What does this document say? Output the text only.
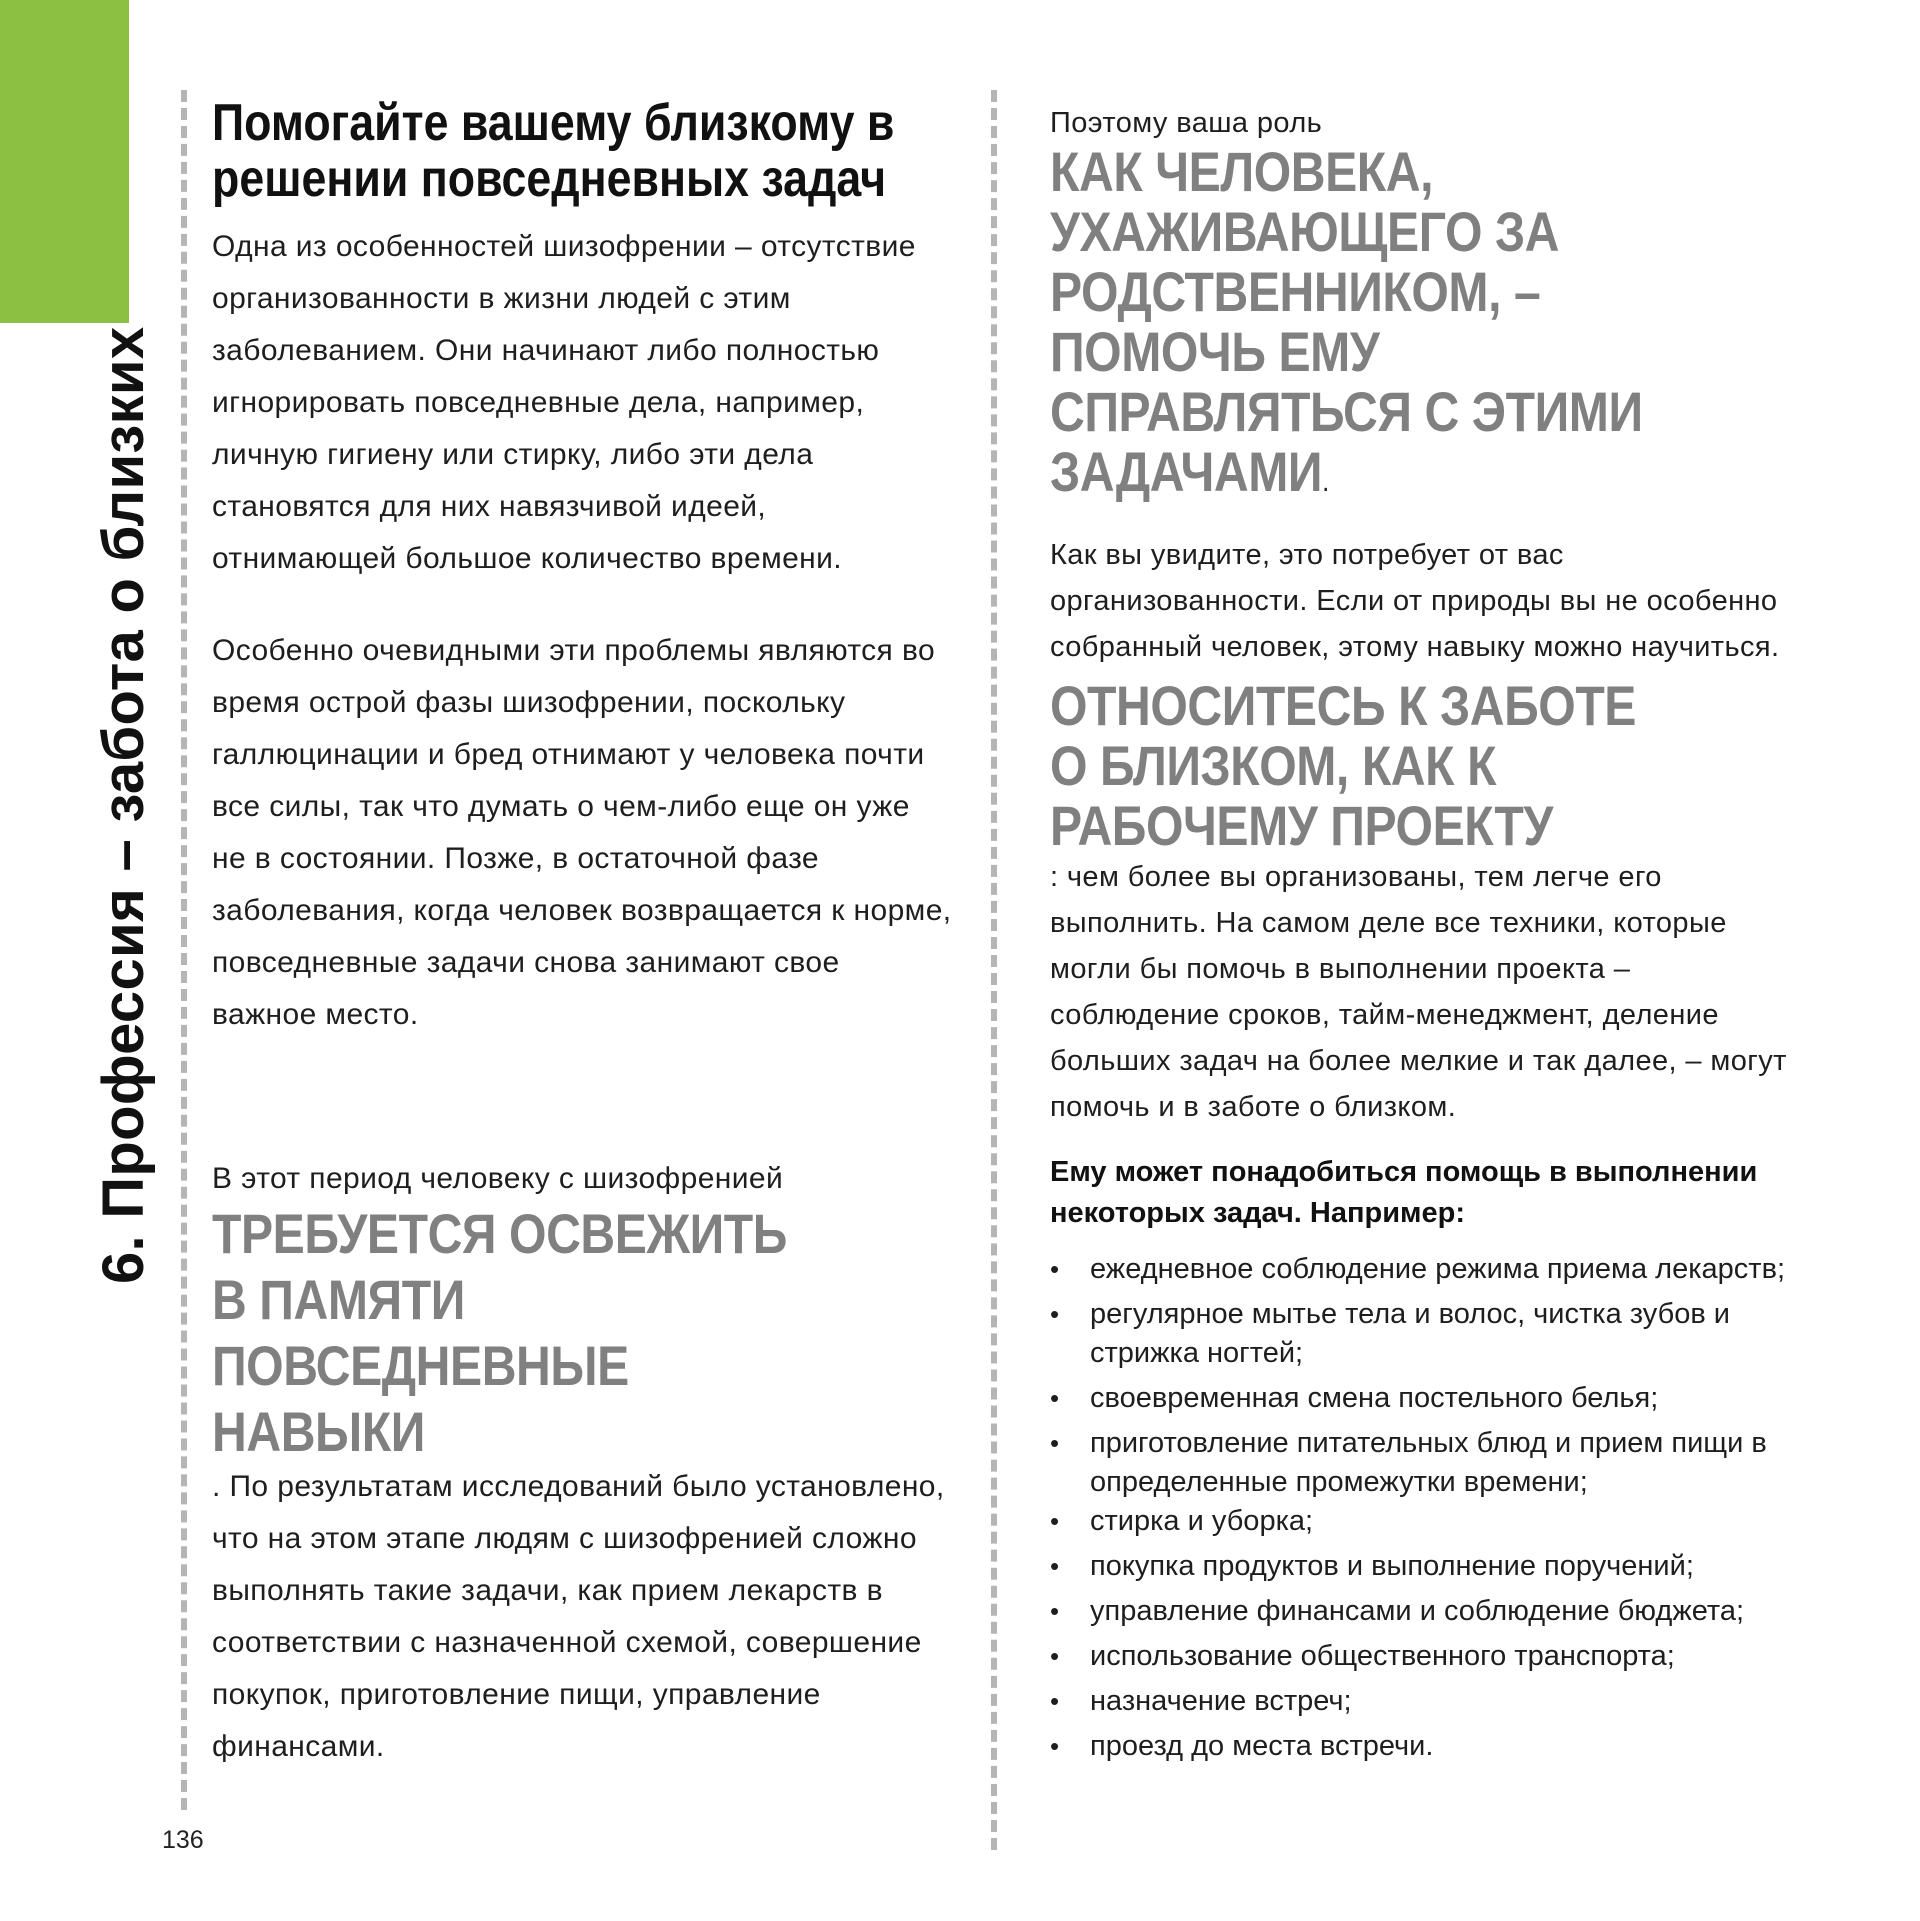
6. Профессия – забота о близких
136
Помогайте вашему близкому в решении повседневных задач

Одна из особенностей шизофрении – отсутствие организованности в жизни людей с этим заболеванием. Они начинают либо полностью игнорировать повседневные дела, например, личную гигиену или стирку, либо эти дела становятся для них навязчивой идеей, отнимающей большое количество времени.

Особенно очевидными эти проблемы являются во время острой фазы шизофрении, поскольку галлюцинации и бред отнимают у человека почти все силы, так что думать о чем-либо еще он уже не в состоянии. Позже, в остаточной фазе заболевания, когда человек возвращается к норме, повседневные задачи снова занимают свое важное место.

В этот период человеку с шизофренией

ТРЕБУЕТСЯ ОСВЕЖИТЬ В ПАМЯТИ ПОВСЕДНЕВНЫЕ НАВЫКИ

. По результатам исследований было установлено, что на этом этапе людям с шизофренией сложно выполнять такие задачи, как прием лекарств в соответствии с назначенной схемой, совершение покупок, приготовление пищи, управление финансами.

Поэтому ваша роль
КАК ЧЕЛОВЕКА, УХАЖИВАЮЩЕГО ЗА РОДСТВЕННИКОМ, – ПОМОЧЬ ЕМУ СПРАВЛЯТЬСЯ С ЭТИМИ ЗАДАЧАМИ.

Как вы увидите, это потребует от вас организованности. Если от природы вы не особенно собранный человек, этому навыку можно научиться.

ОТНОСИТЕСЬ К ЗАБОТЕ О БЛИЗКОМ, КАК К РАБОЧЕМУ ПРОЕКТУ

: чем более вы организованы, тем легче его выполнить. На самом деле все техники, которые могли бы помочь в выполнении проекта – соблюдение сроков, тайм-менеджмент, деление больших задач на более мелкие и так далее, – могут помочь и в заботе о близком.

Ему может понадобиться помощь в выполнении некоторых задач. Например:

• ежедневное соблюдение режима приема лекарств;
• регулярное мытье тела и волос, чистка зубов и стрижка ногтей;
• своевременная смена постельного белья;
• приготовление питательных блюд и прием пищи в определенные промежутки времени;
• стирка и уборка;
• покупка продуктов и выполнение поручений;
• управление финансами и соблюдение бюджета;
• использование общественного транспорта;
• назначение встреч;
• проезд до места встречи.
